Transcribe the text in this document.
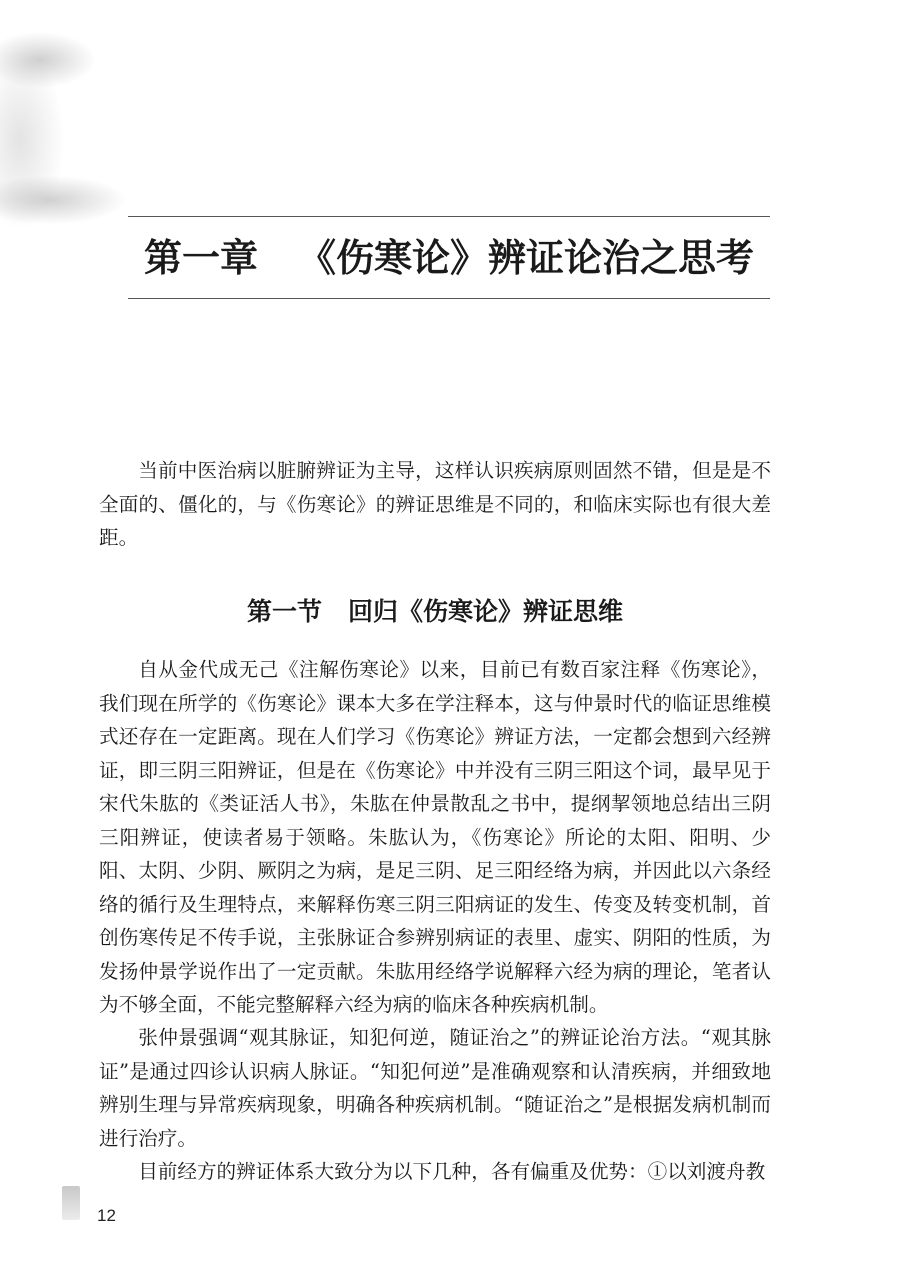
第一章 《伤寒论》辨证论治之思考

当前中医治病以脏腑辨证为主导，这样认识疾病原则固然不错，但是是不全面的、僵化的，与《伤寒论》的辨证思维是不同的，和临床实际也有很大差距。

第一节 回归《伤寒论》辨证思维

自从金代成无己《注解伤寒论》以来，目前已有数百家注释《伤寒论》，我们现在所学的《伤寒论》课本大多在学注释本，这与仲景时代的临证思维模式还存在一定距离。现在人们学习《伤寒论》辨证方法，一定都会想到六经辨证，即三阴三阳辨证，但是在《伤寒论》中并没有三阴三阳这个词，最早见于宋代朱肱的《类证活人书》，朱肱在仲景散乱之书中，提纲挈领地总结出三阴三阳辨证，使读者易于领略。朱肱认为，《伤寒论》所论的太阳、阳明、少阳、太阴、少阴、厥阴之为病，是足三阴、足三阳经络为病，并因此以六条经络的循行及生理特点，来解释伤寒三阴三阳病证的发生、传变及转变机制，首创伤寒传足不传手说，主张脉证合参辨别病证的表里、虚实、阴阳的性质，为发扬仲景学说作出了一定贡献。朱肱用经络学说解释六经为病的理论，笔者认为不够全面，不能完整解释六经为病的临床各种疾病机制。

张仲景强调“观其脉证，知犯何逆，随证治之”的辨证论治方法。“观其脉证”是通过四诊认识病人脉证。“知犯何逆”是准确观察和认清疾病，并细致地辨别生理与异常疾病现象，明确各种疾病机制。“随证治之”是根据发病机制而进行治疗。

目前经方的辨证体系大致分为以下几种，各有偏重及优势：①以刘渡舟教

12
